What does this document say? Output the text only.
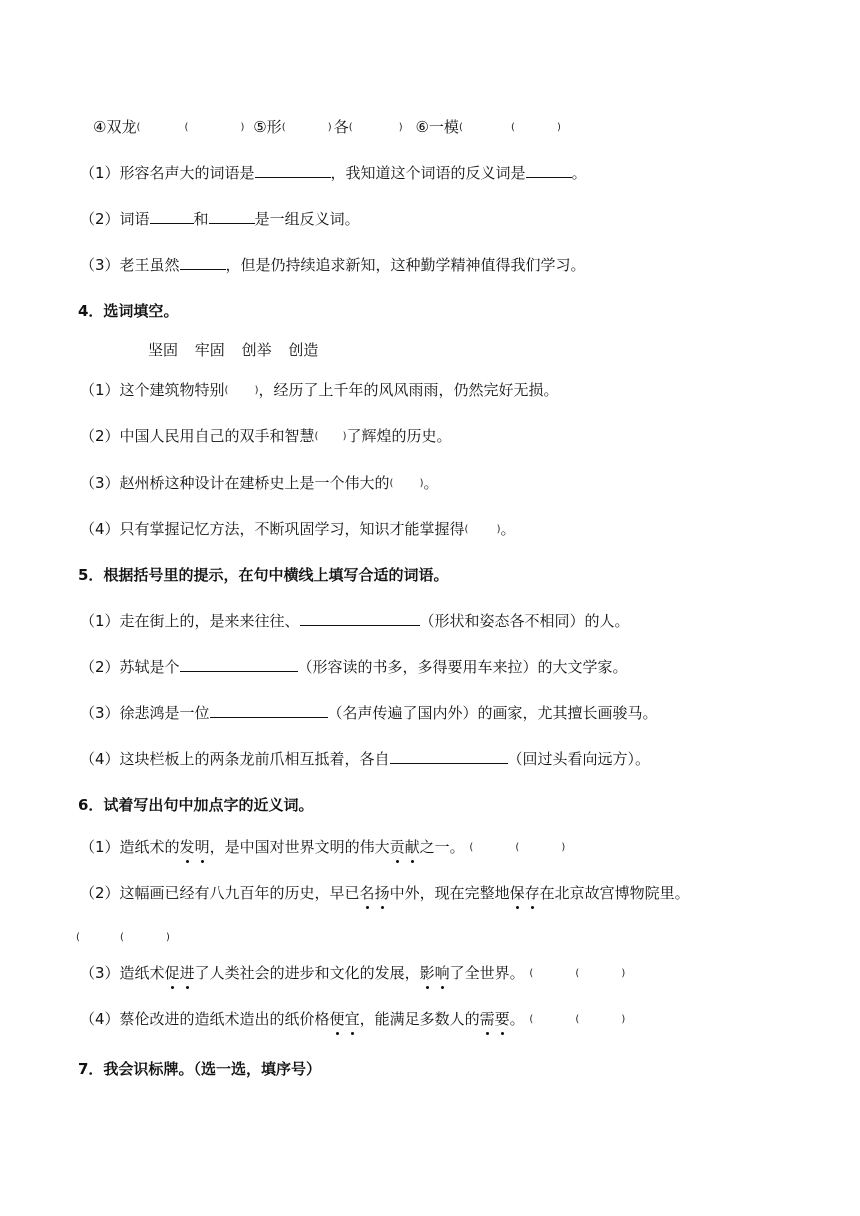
④双龙(	(	) ⑤形(	) 各(	) ⑥一模(	(	)
（1）形容名声大的词语是	，我知道这个词语的反义词是	。
（2）词语	和	是一组反义词。
（3）老王虽然	，但是仍持续追求新知，这种勤学精神值得我们学习。
4．选词填空。
坚固 牢固 创举 创造
（1）这个建筑物特别(	) ，经历了上千年的风风雨雨，仍然完好无损。
（2）中国人民用自己的双手和智慧( ) 了辉煌的历史。
（3）赵州桥这种设计在建桥史上是一个伟大的(	) 。
（4）只有掌握记忆方法，不断巩固学习，知识才能掌握得(	) 。
5．根据括号里的提示，在句中横线上填写合适的词语。
（1）走在街上的，是来来往往、	（形状和姿态各不相同）的人。
（2）苏轼是个	（形容读的书多，多得要用车来拉）的大文学家。
（3）徐悲鸿是一位	（名声传遍了国内外）的画家，尤其擅长画骏马。
（4）这块栏板上的两条龙前爪相互抵着，各自	（回过头看向远方）。
6．试着写出句中加点字的近义词。
（1）造纸术的发明，是中国对世界文明的伟大贡献之一。 (	(	)
（2）这幅画已经有八九百年的历史，早已名扬中外，现在完整地保存在北京故宫博物院里。
(	(	)
（3）造纸术促进了人类社会的进步和文化的发展，影响了全世界。 (	(	)
（4）蔡伦改进的造纸术造出的纸价格便宜，能满足多数人的需要。 (	(	)
7．我会识标牌。（选一选，填序号）
